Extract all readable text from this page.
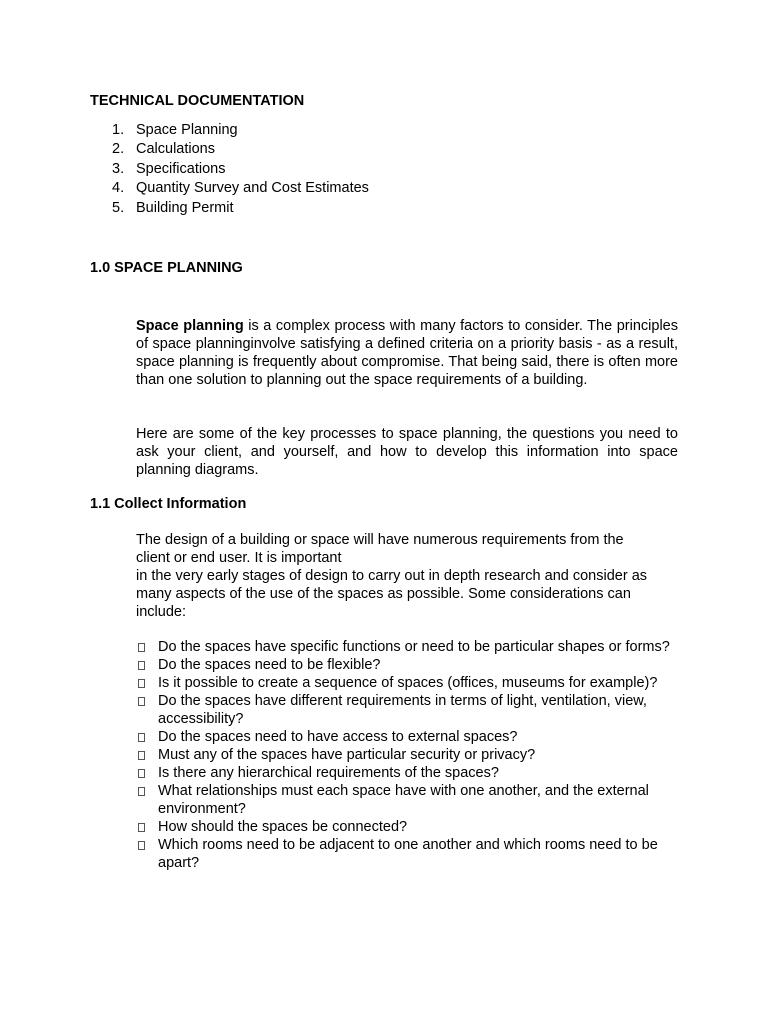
TECHNICAL DOCUMENTATION
1. Space Planning
2. Calculations
3. Specifications
4. Quantity Survey and Cost Estimates
5. Building Permit
1.0 SPACE PLANNING

Space planning is a complex process with many factors to consider. The principles of space planninginvolve satisfying a defined criteria on a priority basis - as a result, space planning is frequently about compromise. That being said, there is often more than one solution to planning out the space requirements of a building.

Here are some of the key processes to space planning, the questions you need to ask your client, and yourself, and how to develop this information into space planning diagrams.

1.1 Collect Information
The design of a building or space will have numerous requirements from the
client or end user. It is important
in the very early stages of design to carry out in depth research and consider as
many aspects of the use of the spaces as possible. Some considerations can
include:
Do the spaces have specific functions or need to be particular shapes or forms?
Do the spaces need to be flexible?
Is it possible to create a sequence of spaces (offices, museums for example)?
Do the spaces have different requirements in terms of light, ventilation, view, accessibility?
Do the spaces need to have access to external spaces?
Must any of the spaces have particular security or privacy?
Is there any hierarchical requirements of the spaces?
What relationships must each space have with one another, and the external environment?
How should the spaces be connected?
Which rooms need to be adjacent to one another and which rooms need to be apart?
